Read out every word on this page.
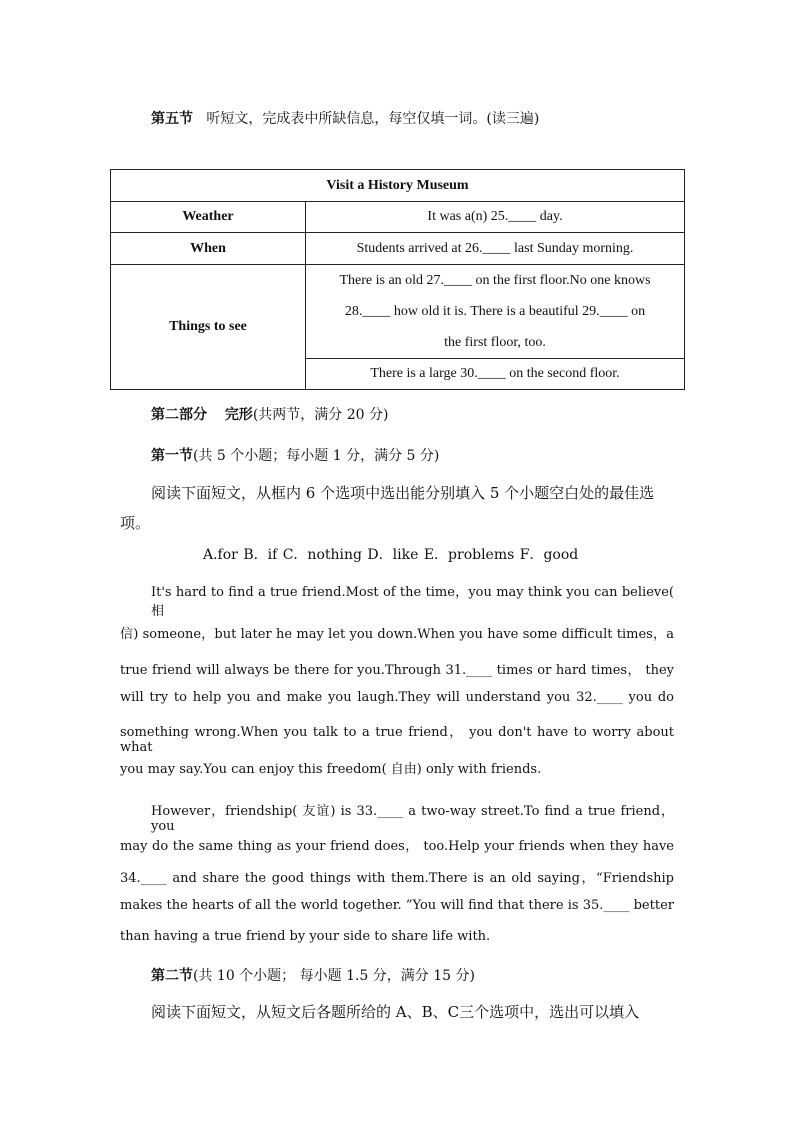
第五节 听短文，完成表中所缺信息，每空仅填一词。(读三遍)
Visit a History Museum	
Weather	It was a(n) 25.____ day.
When	Students arrived at 26.____ last Sunday morning.
Things to see	There is an old 27.____ on the first floor.No one knows
28.____ how old it is. There is a beautiful 29.____ on
the first floor, too.

	There is a large 30.____ on the second floor.
第二部分 完形(共两节，满分 20 分)
第一节(共 5 个小题；每小题 1 分，满分 5 分)
阅读下面短文，从框内 6 个选项中选出能分别填入 5 个小题空白处的最佳选
项。
A.for B．if C．nothing D．like E．problems F．good
It's hard to find a true friend.Most of the time，you may think you can believe( 相
信) someone，but later he may let you down.When you have some difficult times，a
true friend will always be there for you.Through 31.____ times or hard times， they
will try to help you and make you laugh.They will understand you 32.____ you do
something wrong.When you talk to a true friend， you don't have to worry about what
you may say.You can enjoy this freedom( 自由) only with friends.
However，friendship( 友谊) is 33.____ a two-way street.To find a true friend，you
may do the same thing as your friend does， too.Help your friends when they have
34.____ and share the good things with them.There is an old saying，“Friendship
makes the hearts of all the world together. ”You will find that there is 35.____ better
than having a true friend by your side to share life with.
第二节(共 10 个小题； 每小题 1.5 分，满分 15 分)
阅读下面短文，从短文后各题所给的 A、B、C三个选项中，选出可以填入
